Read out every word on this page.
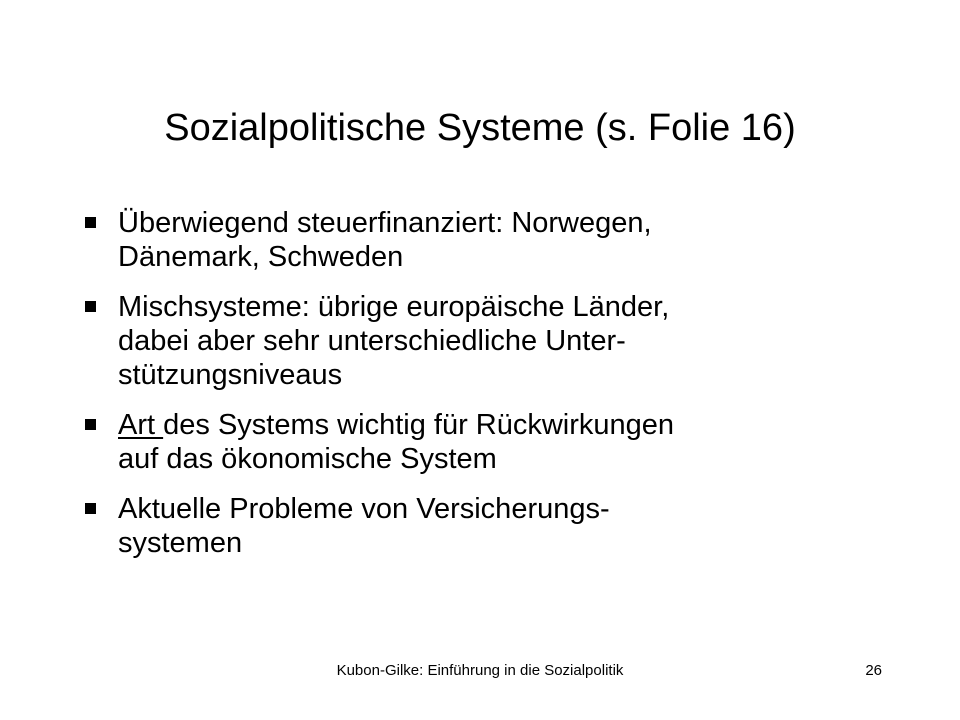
Sozialpolitische Systeme (s. Folie 16)
Überwiegend steuerfinanziert: Norwegen,
Dänemark, Schweden
Mischsysteme: übrige europäische Länder,
dabei aber sehr unterschiedliche Unter-
stützungsniveaus
Art des Systems wichtig für Rückwirkungen
auf das ökonomische System
Aktuelle Probleme von Versicherungs-
systemen
Kubon-Gilke: Einführung in die Sozialpolitik	26
